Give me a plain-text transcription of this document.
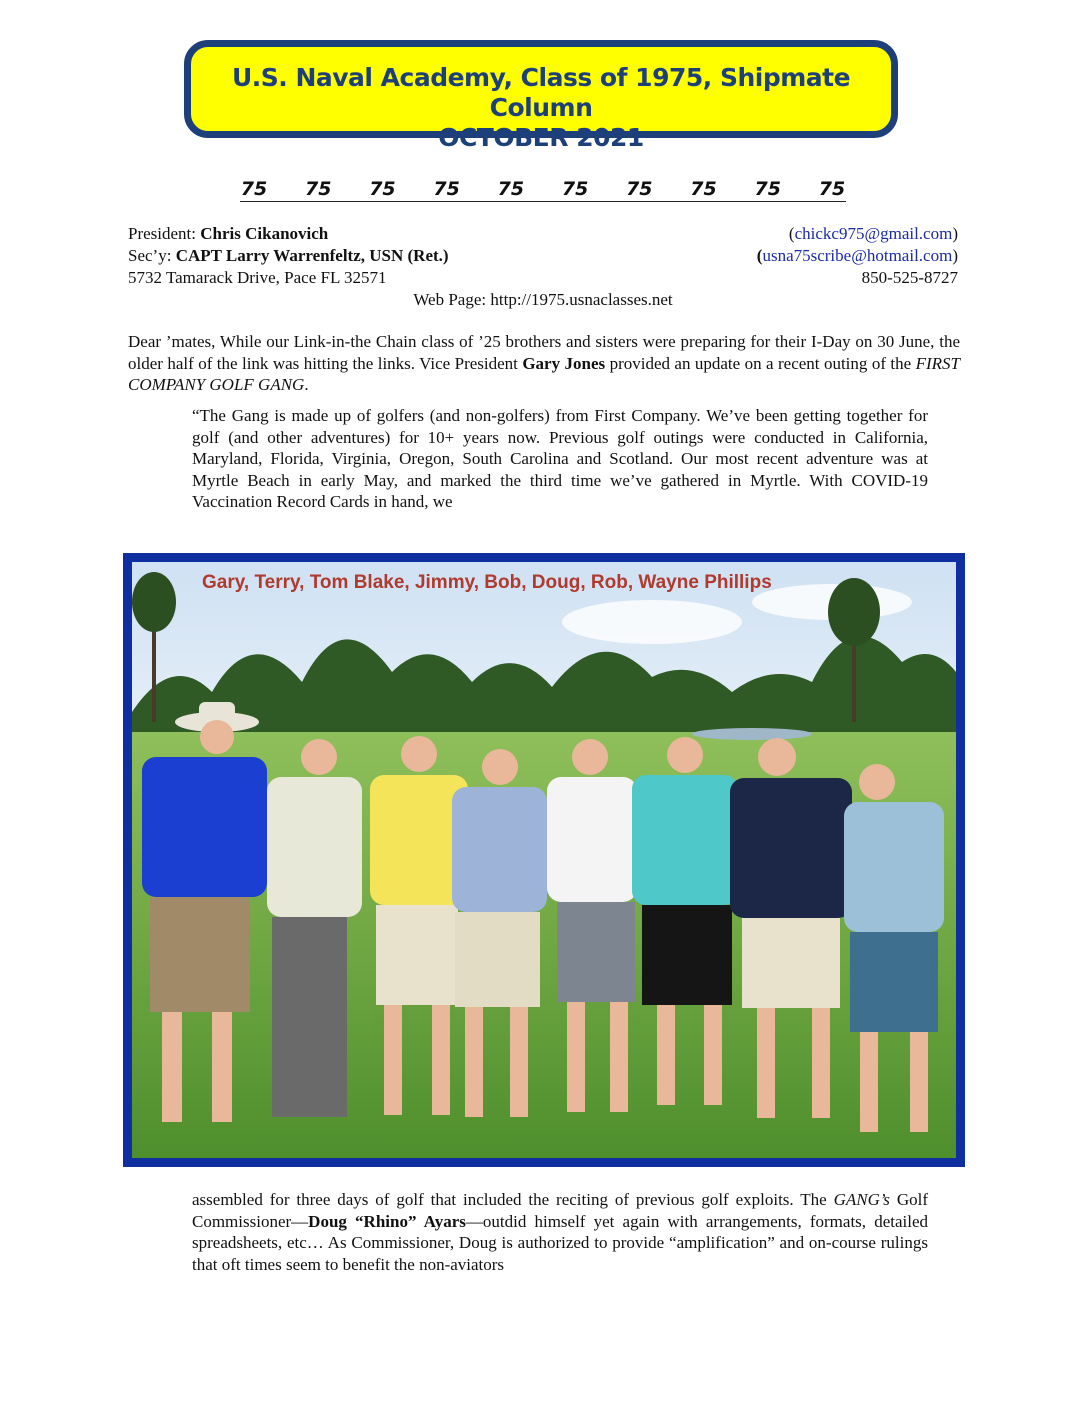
U.S. Naval Academy, Class of 1975, Shipmate Column
OCTOBER 2021
75 75 75 75 75 75 75 75 75 75
President: Chris Cikanovich	(chickc975@gmail.com)
Sec’y: CAPT Larry Warrenfeltz, USN (Ret.)	(usna75scribe@hotmail.com)
5732 Tamarack Drive, Pace FL 32571	850-525-8727
Web Page: http://1975.usnaclasses.net

Dear ’mates, While our Link-in-the Chain class of ’25 brothers and sisters were preparing for their I-Day on 30 June, the older half of the link was hitting the links. Vice President Gary Jones provided an update on a recent outing of the FIRST COMPANY GOLF GANG.

“The Gang is made up of golfers (and non-golfers) from First Company. We’ve been getting together for golf (and other adventures) for 10+ years now. Previous golf outings were conducted in California, Maryland, Florida, Virginia, Oregon, South Carolina and Scotland. Our most recent adventure was at Myrtle Beach in early May, and marked the third time we’ve gathered in Myrtle. With COVID-19 Vaccination Record Cards in hand, we

Gary, Terry, Tom Blake, Jimmy, Bob, Doug, Rob, Wayne Phillips

assembled for three days of golf that included the reciting of previous golf exploits. The GANG’s Golf Commissioner—Doug “Rhino” Ayars—outdid himself yet again with arrangements, formats, detailed spreadsheets, etc… As Commissioner, Doug is authorized to provide “amplification” and on-course rulings that oft times seem to benefit the non-aviators
